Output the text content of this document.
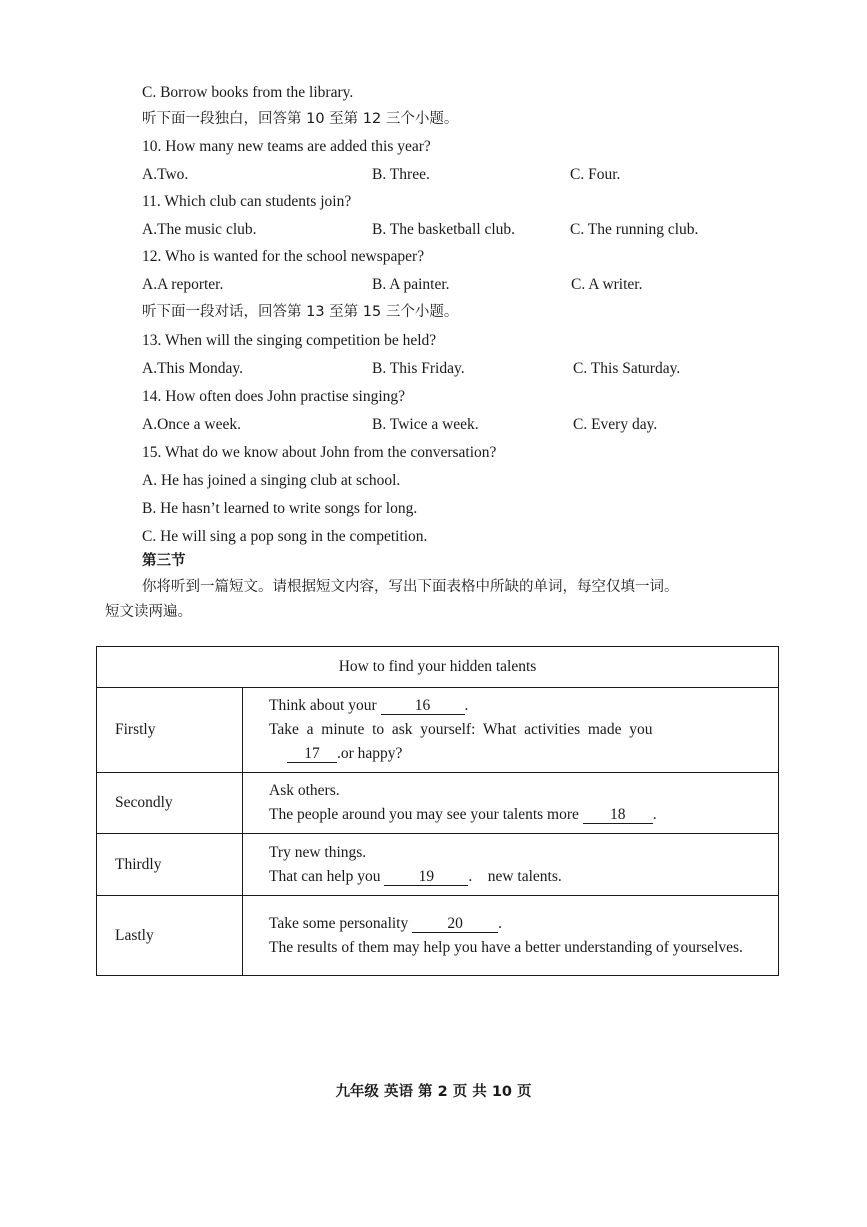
C. Borrow books from the library.
听下面一段独白，回答第 10 至第 12 三个小题。
10. How many new teams are added this year?
A.Two.	B. Three.	C. Four.
11. Which club can students join?
A.The music club.	B. The basketball club.	C. The running club.
12. Who is wanted for the school newspaper?
A.A reporter.	B. A painter.	C. A writer.
听下面一段对话，回答第 13 至第 15 三个小题。
13. When will the singing competition be held?
A.This Monday.	B. This Friday.	C. This Saturday.
14. How often does John practise singing?
A.Once a week.	B. Twice a week.	C. Every day.
15. What do we know about John from the conversation?
A. He has joined a singing club at school.
B. He hasn’t learned to write songs for long.
C. He will sing a pop song in the competition.
第三节
你将听到一篇短文。请根据短文内容，写出下面表格中所缺的单词，每空仅填一词。
短文读两遍。
How to find your hidden talents	
Firstly	Think about your 16 .
Take  a  minute  to  ask  yourself:  What  activities  made  you
17 .or happy?

Secondly	Ask others.
The people around you may see your talents more 18 .

Thirdly	Try new things.
That can help you 19 .    new talents.

Lastly	Take some personality 20 .
The results of them may help you have a better understanding of yourselves.
九年级 英语 第 2 页 共 10 页
